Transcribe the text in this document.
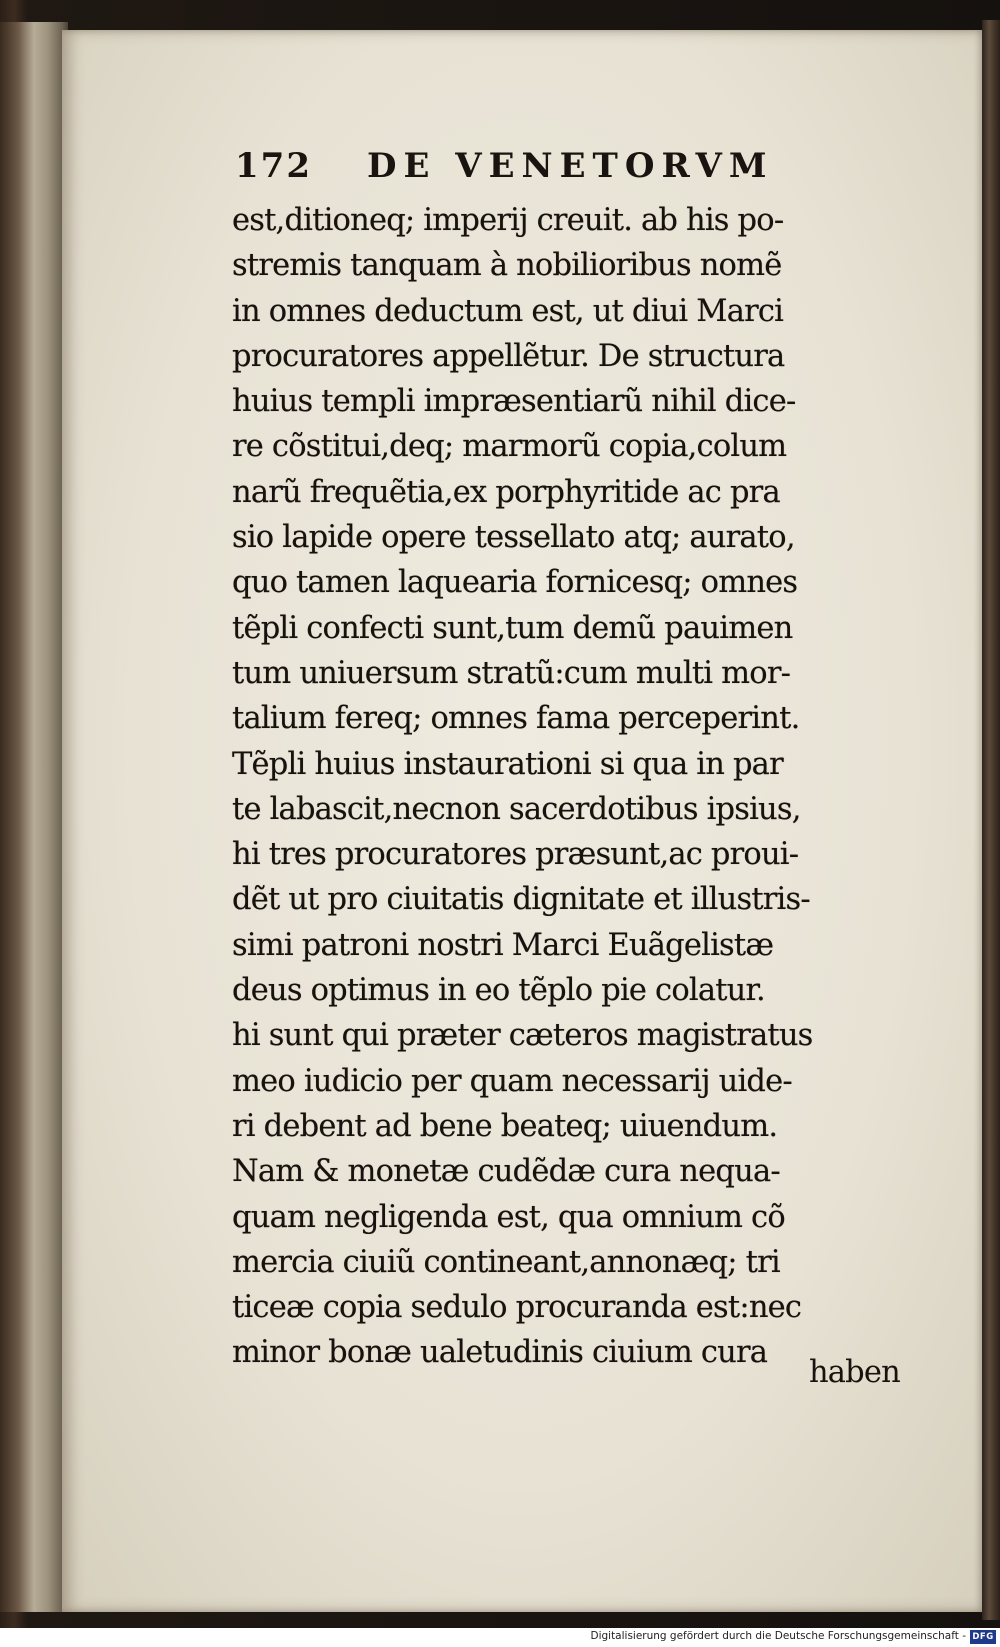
172 DE VENETORVM
est,ditioneq; imperij creuit. ab his po-
stremis tanquam à nobilioribus nomẽ
in omnes deductum est, ut diui Marci
procuratores appellẽtur. De structura
huius templi impræsentiarũ nihil dice-
re cõstitui,deq; marmorũ copia,colum
narũ frequẽtia,ex porphyritide ac pra
sio lapide opere tessellato atq; aurato,
quo tamen laquearia fornicesq; omnes
tẽpli confecti sunt,tum demũ pauimen
tum uniuersum stratũ:cum multi mor-
talium fereq; omnes fama perceperint.
Tẽpli huius instaurationi si qua in par
te labascit,necnon sacerdotibus ipsius,
hi tres procuratores præsunt,ac proui-
dẽt ut pro ciuitatis dignitate et illustris-
simi patroni nostri Marci Euãgelistæ
deus optimus in eo tẽplo pie colatur.
hi sunt qui præter cæteros magistratus
meo iudicio per quam necessarij uide-
ri debent ad bene beateq; uiuendum.
Nam & monetæ cudẽdæ cura nequa-
quam negligenda est, qua omnium cõ
mercia ciuiũ contineant,annonæq; tri
ticeæ copia sedulo procuranda est:nec
minor bonæ ualetudinis ciuium cura
haben
Digitalisierung gefördert durch die Deutsche Forschungsgemeinschaft - DFG
